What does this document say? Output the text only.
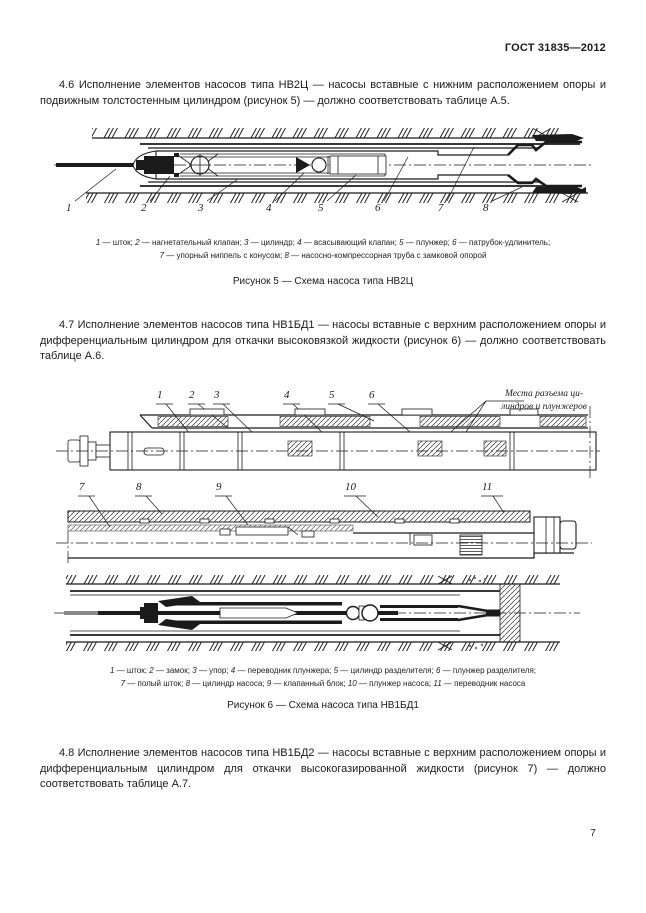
ГОСТ 31835—2012

4.6 Исполнение элементов насосов типа НВ2Ц — насосы вставные с нижним расположением опоры и подвижным толстостенным цилиндром (рисунок 5) — должно соответствовать таблице А.5.

1	2	3	4	5	6	7	8
1 — шток; 2 — нагнетательный клапан; 3 — цилиндр; 4 — всасывающий клапан; 5 — плунжер; 6 — патрубок-удлинитель;
7 — упорный ниппель с конусом; 8 — насосно-компрессорная труба с замковой опорой
Рисунок 5 — Схема насоса типа НВ2Ц

4.7 Исполнение элементов насосов типа НВ1БД1 — насосы вставные с верхним расположением опоры и дифференциальным цилиндром для откачки высоковязкой жидкости (рисунок 6) — должно соответствовать таблице А.6.

1 2 3	4	5	6	Места разъема ци-
линдров и плунжеров
7	8	9	10	11
1 — шток; 2 — замок; 3 — упор; 4 — переводник плунжера; 5 — цилиндр разделителя; 6 — плунжер разделителя;
7 — полый шток; 8 — цилиндр насоса; 9 — клапанный блок; 10 — плунжер насоса; 11 — переводник насоса
Рисунок 6 — Схема насоса типа НВ1БД1

4.8 Исполнение элементов насосов типа НВ1БД2 — насосы вставные с верхним расположением опоры и дифференциальным цилиндром для откачки высокогазированной жидкости (рисунок 7) — должно соответствовать таблице А.7.

7
